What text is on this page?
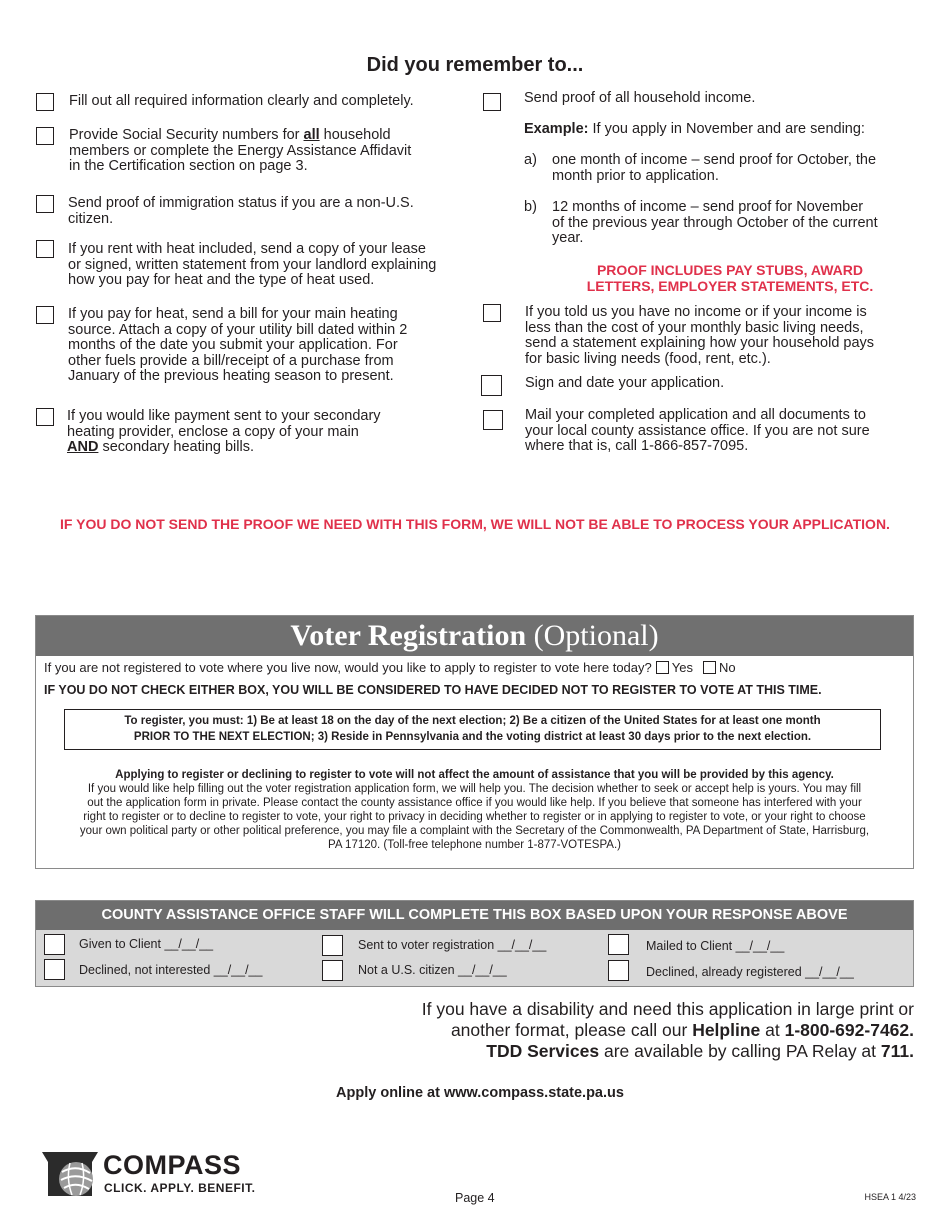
Did you remember to...
Fill out all required information clearly and completely.
Provide Social Security numbers for all household
members or complete the Energy Assistance Affidavit
in the Certification section on page 3.
Send proof of immigration status if you are a non-U.S.
citizen.
If you rent with heat included, send a copy of your lease
or signed, written statement from your landlord explaining
how you pay for heat and the type of heat used.
If you pay for heat, send a bill for your main heating
source. Attach a copy of your utility bill dated within 2
months of the date you submit your application. For
other fuels provide a bill/receipt of a purchase from
January of the previous heating season to present.
If you would like payment sent to your secondary
heating provider, enclose a copy of your main
AND secondary heating bills.
Send proof of all household income.
Example: If you apply in November and are sending:
a) one month of income – send proof for October, the
month prior to application.
b) 12 months of income – send proof for November
of the previous year through October of the current
year.
PROOF INCLUDES PAY STUBS, AWARD
LETTERS, EMPLOYER STATEMENTS, ETC.
If you told us you have no income or if your income is
less than the cost of your monthly basic living needs,
send a statement explaining how your household pays
for basic living needs (food, rent, etc.).
Sign and date your application.
Mail your completed application and all documents to
your local county assistance office. If you are not sure
where that is, call 1-866-857-7095.
IF YOU DO NOT SEND THE PROOF WE NEED WITH THIS FORM, WE WILL NOT BE ABLE TO PROCESS YOUR APPLICATION.
Voter Registration (Optional)
If you are not registered to vote where you live now, would you like to apply to register to vote here today? Yes No
IF YOU DO NOT CHECK EITHER BOX, YOU WILL BE CONSIDERED TO HAVE DECIDED NOT TO REGISTER TO VOTE AT THIS TIME.
To register, you must: 1) Be at least 18 on the day of the next election; 2) Be a citizen of the United States for at least one month
PRIOR TO THE NEXT ELECTION; 3) Reside in Pennsylvania and the voting district at least 30 days prior to the next election.
Applying to register or declining to register to vote will not affect the amount of assistance that you will be provided by this agency.
If you would like help filling out the voter registration application form, we will help you. The decision whether to seek or accept help is yours. You may fill
out the application form in private. Please contact the county assistance office if you would like help. If you believe that someone has interfered with your
right to register or to decline to register to vote, your right to privacy in deciding whether to register or in applying to register to vote, or your right to choose
your own political party or other political preference, you may file a complaint with the Secretary of the Commonwealth, PA Department of State, Harrisburg,
PA 17120. (Toll-free telephone number 1-877-VOTESPA.)
COUNTY ASSISTANCE OFFICE STAFF WILL COMPLETE THIS BOX BASED UPON YOUR RESPONSE ABOVE
Given to Client __/__/__
Declined, not interested __/__/__
Sent to voter registration __/__/__
Not a U.S. citizen __/__/__
Mailed to Client __/__/__
Declined, already registered __/__/__
If you have a disability and need this application in large print or
another format, please call our Helpline at 1-800-692-7462.
TDD Services are available by calling PA Relay at 711.
Apply online at www.compass.state.pa.us
COMPASS
CLICK. APPLY. BENEFIT.
Page 4	HSEA 1 4/23
